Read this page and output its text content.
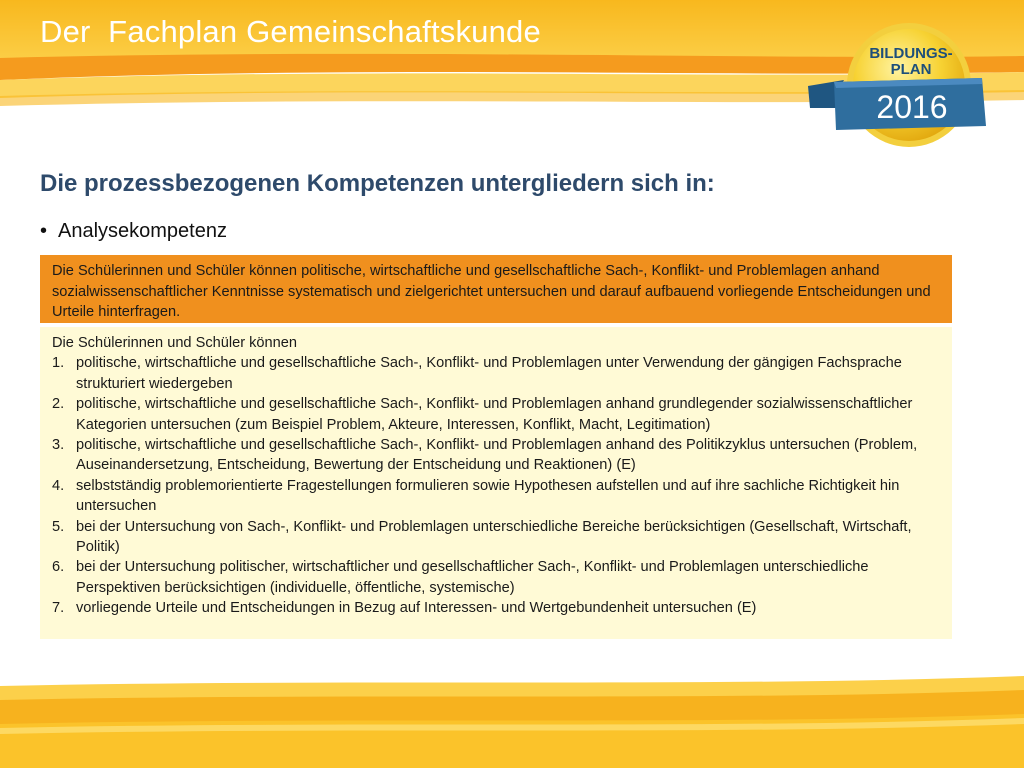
Der  Fachplan Gemeinschaftskunde
BILDUNGS-
PLAN
2016
Die prozessbezogenen Kompetenzen untergliedern sich in:
• Analysekompetenz
Die Schülerinnen und Schüler können politische, wirtschaftliche und gesellschaftliche Sach-, Konflikt- und Problemlagen anhand sozialwissenschaftlicher Kenntnisse systematisch und zielgerichtet untersuchen und darauf aufbauend vorliegende Entscheidungen und Urteile hinterfragen.
Die Schülerinnen und Schüler können
1. politische, wirtschaftliche und gesellschaftliche Sach-, Konflikt- und Problemlagen unter Verwendung der gängigen Fachsprache strukturiert wiedergeben
2. politische, wirtschaftliche und gesellschaftliche Sach-, Konflikt- und Problemlagen anhand grundlegender sozialwissenschaftlicher Kategorien untersuchen (zum Beispiel Problem, Akteure, Interessen, Konflikt, Macht, Legitimation)
3. politische, wirtschaftliche und gesellschaftliche Sach-, Konflikt- und Problemlagen anhand des Politikzyklus untersuchen (Problem, Auseinandersetzung, Entscheidung, Bewertung der Entscheidung und Reaktionen) (E)
4. selbstständig problemorientierte Fragestellungen formulieren sowie Hypothesen aufstellen und auf ihre sachliche Richtigkeit hin untersuchen
5. bei der Untersuchung von Sach-, Konflikt- und Problemlagen unterschiedliche Bereiche berücksichtigen (Gesellschaft, Wirtschaft, Politik)
6. bei der Untersuchung politischer, wirtschaftlicher und gesellschaftlicher Sach-, Konflikt- und Problemlagen unterschiedliche Perspektiven berücksichtigen (individuelle, öffentliche, systemische)
7. vorliegende Urteile und Entscheidungen in Bezug auf Interessen- und Wertgebundenheit untersuchen (E)
